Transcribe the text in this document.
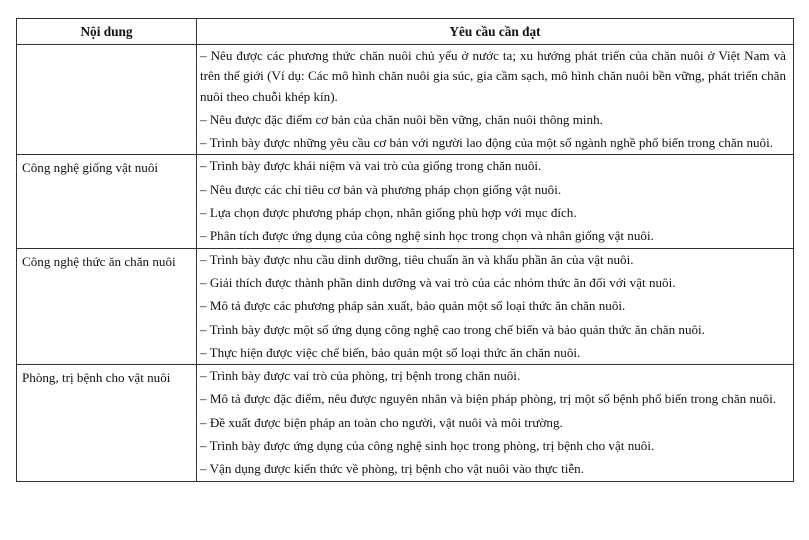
Nội dung	Yêu cầu cần đạt

	– Nêu được các phương thức chăn nuôi chủ yếu ở nước ta; xu hướng phát triển của chăn nuôi ở Việt Nam và trên thế giới (Ví dụ: Các mô hình chăn nuôi gia súc, gia cầm sạch, mô hình chăn nuôi bền vững, phát triển chăn nuôi theo chuỗi khép kín).
– Nêu được đặc điểm cơ bản của chăn nuôi bền vững, chăn nuôi thông minh.
– Trình bày được những yêu cầu cơ bản với người lao động của một số ngành nghề phổ biến trong chăn nuôi.

Công nghệ giống vật nuôi	– Trình bày được khái niệm và vai trò của giống trong chăn nuôi.
– Nêu được các chỉ tiêu cơ bản và phương pháp chọn giống vật nuôi.
– Lựa chọn được phương pháp chọn, nhân giống phù hợp với mục đích.
– Phân tích được ứng dụng của công nghệ sinh học trong chọn và nhân giống vật nuôi.

Công nghệ thức ăn chăn nuôi	– Trình bày được nhu cầu dinh dưỡng, tiêu chuẩn ăn và khẩu phần ăn của vật nuôi.
– Giải thích được thành phần dinh dưỡng và vai trò của các nhóm thức ăn đối với vật nuôi.
– Mô tả được các phương pháp sản xuất, bảo quản một số loại thức ăn chăn nuôi.
– Trình bày được một số ứng dụng công nghệ cao trong chế biến và bảo quản thức ăn chăn nuôi.
– Thực hiện được việc chế biến, bảo quản một số loại thức ăn chăn nuôi.

Phòng, trị bệnh cho vật nuôi	– Trình bày được vai trò của phòng, trị bệnh trong chăn nuôi.
– Mô tả được đặc điểm, nêu được nguyên nhân và biện pháp phòng, trị một số bệnh phổ biến trong chăn nuôi.
– Đề xuất được biện pháp an toàn cho người, vật nuôi và môi trường.
– Trình bày được ứng dụng của công nghệ sinh học trong phòng, trị bệnh cho vật nuôi.
– Vận dụng được kiến thức về phòng, trị bệnh cho vật nuôi vào thực tiễn.
